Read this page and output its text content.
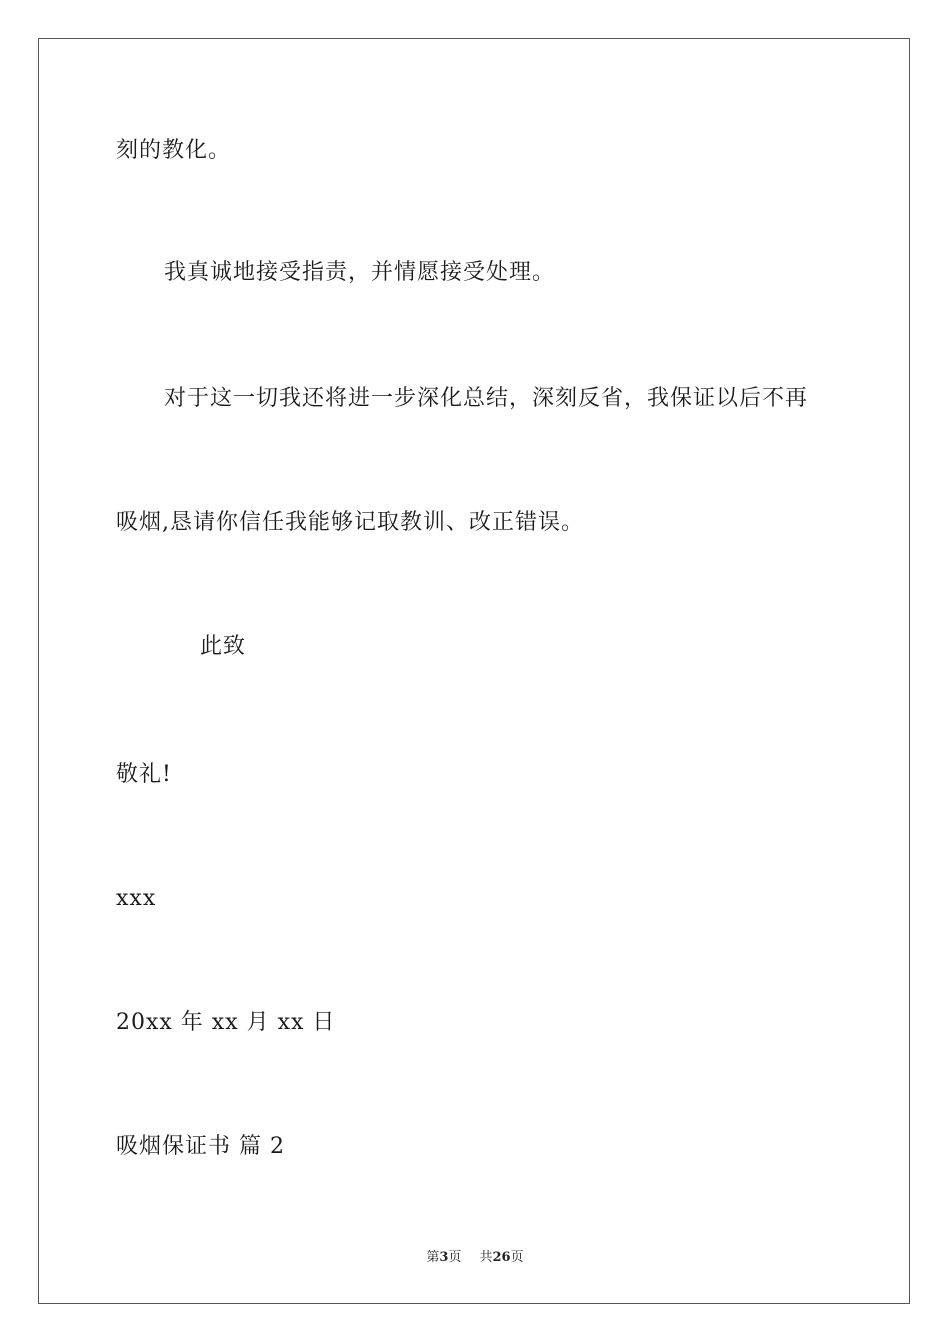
刻的教化。
我真诚地接受指责，并情愿接受处理。
对于这一切我还将进一步深化总结，深刻反省，我保证以后不再
吸烟,恳请你信任我能够记取教训、改正错误。
此致
敬礼!
xxx
20xx 年 xx 月 xx 日
吸烟保证书 篇 2
第3页 共26页
